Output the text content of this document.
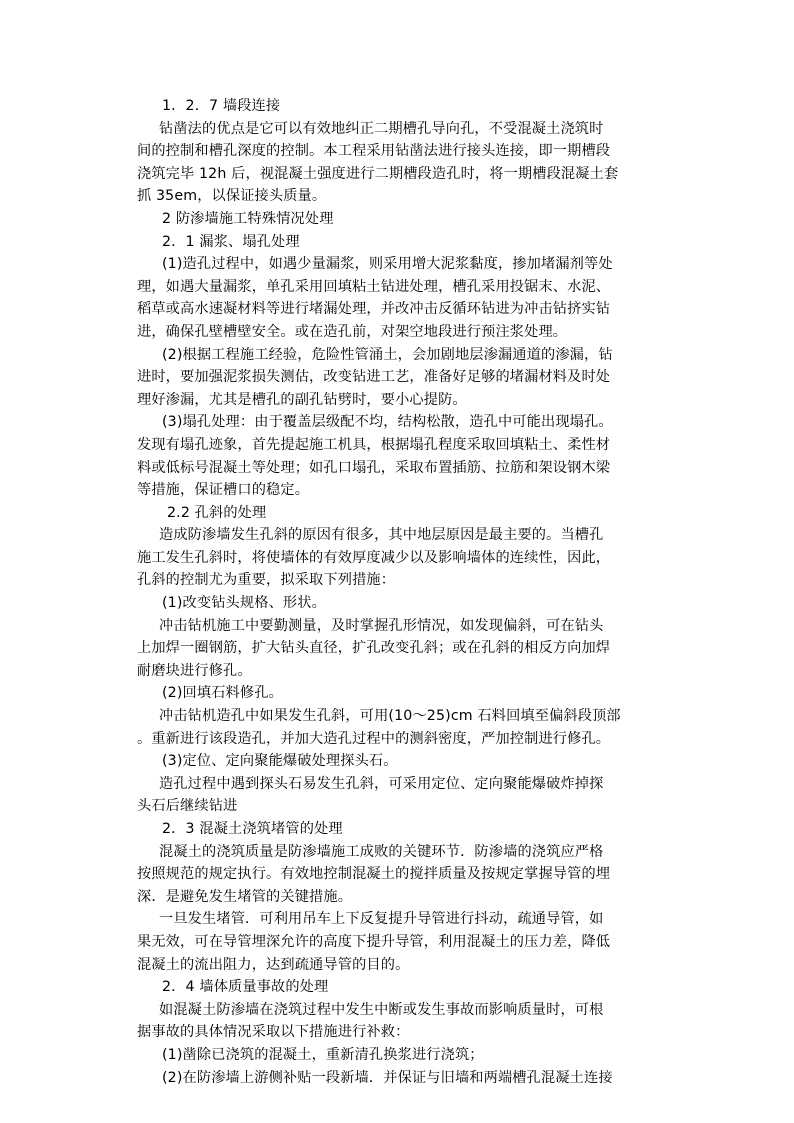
1．2．7 墙段连接
钻凿法的优点是它可以有效地纠正二期槽孔导向孔，不受混凝土浇筑时
间的控制和槽孔深度的控制。本工程采用钻凿法进行接头连接，即一期槽段
浇筑完毕 12h 后，视混凝土强度进行二期槽段造孔时，将一期槽段混凝土套
抓 35em，以保证接头质量。
2 防渗墙施工特殊情况处理
2．1 漏浆、塌孔处理
(1)造孔过程中，如遇少量漏浆，则采用增大泥浆黏度，掺加堵漏剂等处
理，如遇大量漏浆，单孔采用回填粘土钻进处理，槽孔采用投锯末、水泥、
稻草或高水速凝材料等进行堵漏处理，并改冲击反循环钻进为冲击钻挤实钻
进，确保孔壁槽壁安全。或在造孔前，对架空地段进行预注浆处理。
(2)根据工程施工经验，危险性管涌土，会加剧地层渗漏通道的渗漏，钻
进时，要加强泥浆损失测估，改变钻进工艺，准备好足够的堵漏材料及时处
理好渗漏，尤其是槽孔的副孔钻劈时，要小心提防。
(3)塌孔处理：由于覆盖层级配不均，结构松散，造孔中可能出现塌孔。
发现有塌孔迹象，首先提起施工机具，根据塌孔程度采取回填粘土、柔性材
料或低标号混凝土等处理；如孔口塌孔，采取布置插筋、拉筋和架设钢木梁
等措施，保证槽口的稳定。
2.2 孔斜的处理
造成防渗墙发生孔斜的原因有很多，其中地层原因是最主要的。当槽孔
施工发生孔斜时，将使墙体的有效厚度减少以及影响墙体的连续性，因此，
孔斜的控制尤为重要，拟采取下列措施：
(1)改变钻头规格、形状。
冲击钻机施工中要勤测量，及时掌握孔形情况，如发现偏斜，可在钻头
上加焊一圈钢筋，扩大钻头直径，扩孔改变孔斜；或在孔斜的相反方向加焊
耐磨块进行修孔。
(2)回填石料修孔。
冲击钻机造孔中如果发生孔斜，可用(10～25)cm 石料回填至偏斜段顶部
。重新进行该段造孔，并加大造孔过程中的测斜密度，严加控制进行修孔。
(3)定位、定向聚能爆破处理探头石。
造孔过程中遇到探头石易发生孔斜，可采用定位、定向聚能爆破炸掉探
头石后继续钻进
2．3 混凝土浇筑堵管的处理
混凝土的浇筑质量是防渗墙施工成败的关键环节．防渗墙的浇筑应严格
按照规范的规定执行。有效地控制混凝土的搅拌质量及按规定掌握导管的埋
深．是避免发生堵管的关键措施。
一旦发生堵管．可利用吊车上下反复提升导管进行抖动，疏通导管，如
果无效，可在导管埋深允许的高度下提升导管，利用混凝土的压力差，降低
混凝土的流出阻力，达到疏通导管的目的。
2．4 墙体质量事故的处理
如混凝土防渗墙在浇筑过程中发生中断或发生事故而影响质量时，可根
据事故的具体情况采取以下措施进行补救：
(1)凿除已浇筑的混凝土，重新清孔换浆进行浇筑；
(2)在防渗墙上游侧补贴一段新墙．并保证与旧墙和两端槽孔混凝土连接
